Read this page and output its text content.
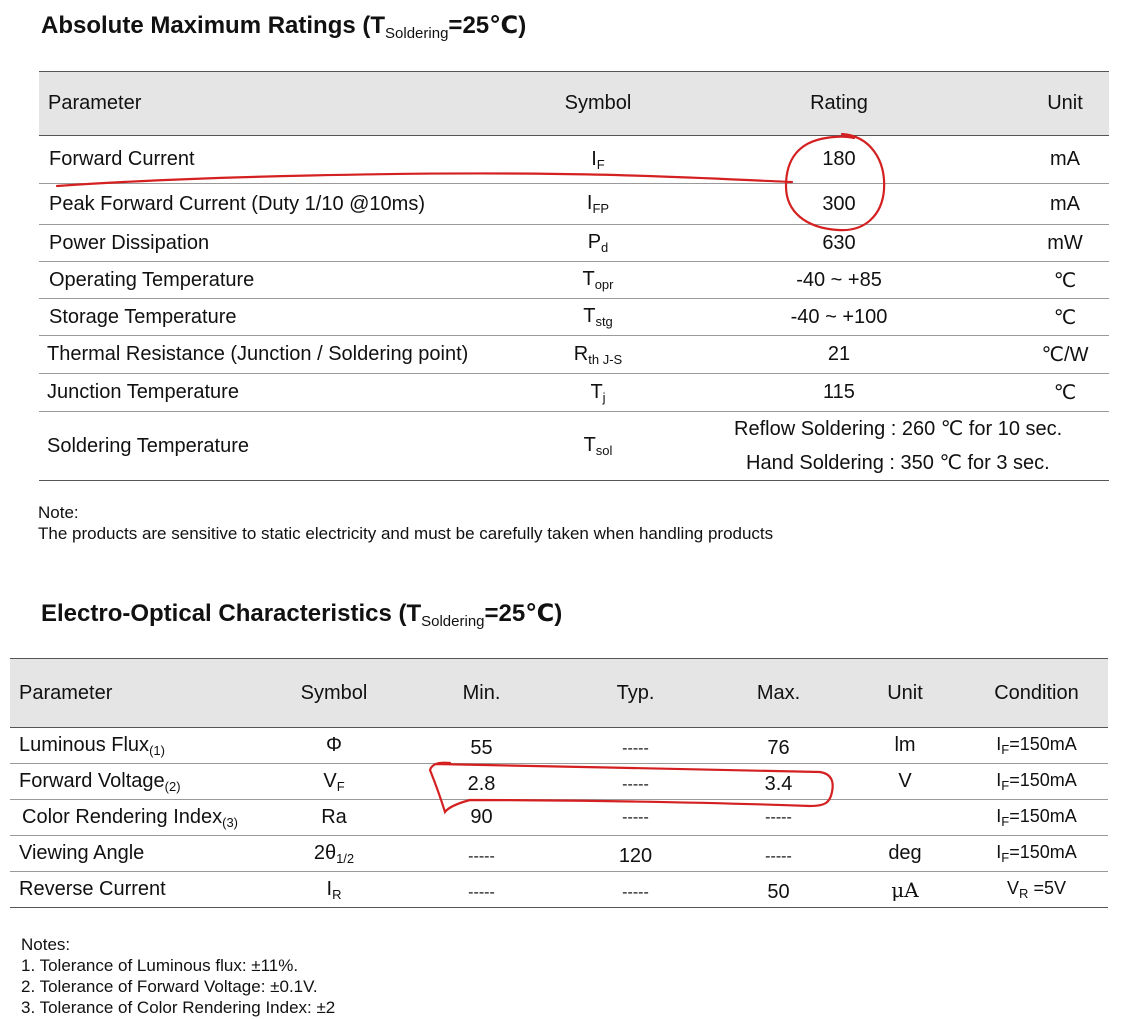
Absolute Maximum Ratings $(T_{Soldering}=25℃)$
Parameter	Symbol	Rating	Unit
Forward Current	$I_F$	180	mA
Peak Forward Current (Duty 1/10 @10ms)	$I_{FP}$	300	mA
Power Dissipation	$P_d$	630	mW
Operating Temperature	$T_{opr}$	-40 ~ +85	℃
Storage Temperature	$T_{stg}$	-40 ~ +100	℃
Thermal Resistance (Junction / Soldering point)	$R_{th J-S}$	21	℃/W
Junction Temperature	$T_j$	115	℃
Soldering Temperature	$T_{sol}$	Reflow Soldering : 260 ℃ for 10 sec.
Hand Soldering : 350 ℃ for 3 sec.	
Note:
The products are sensitive to static electricity and must be carefully taken when handling products
Electro-Optical Characteristics $(T_{Soldering}=25℃)$
Parameter	Symbol	Min.	Typ.	Max.	Unit	Condition
Luminous Flux$_{(1)}$	Φ	55	-----	76	lm	$I_F=150mA$
Forward Voltage$_{(2)}$	$V_F$	2.8	-----	3.4	V	$I_F=150mA$
Color Rendering Index$_{(3)}$	Ra	90	-----	-----		$I_F=150mA$
Viewing Angle	$2\theta_{1/2}$	-----	120	-----	deg	$I_F=150mA$
Reverse Current	$I_R$	-----	-----	50	μA	$V_R =5V$
Notes:
1. Tolerance of Luminous flux: ±11%.
2. Tolerance of Forward Voltage: ±0.1V.
3. Tolerance of Color Rendering Index: ±2
